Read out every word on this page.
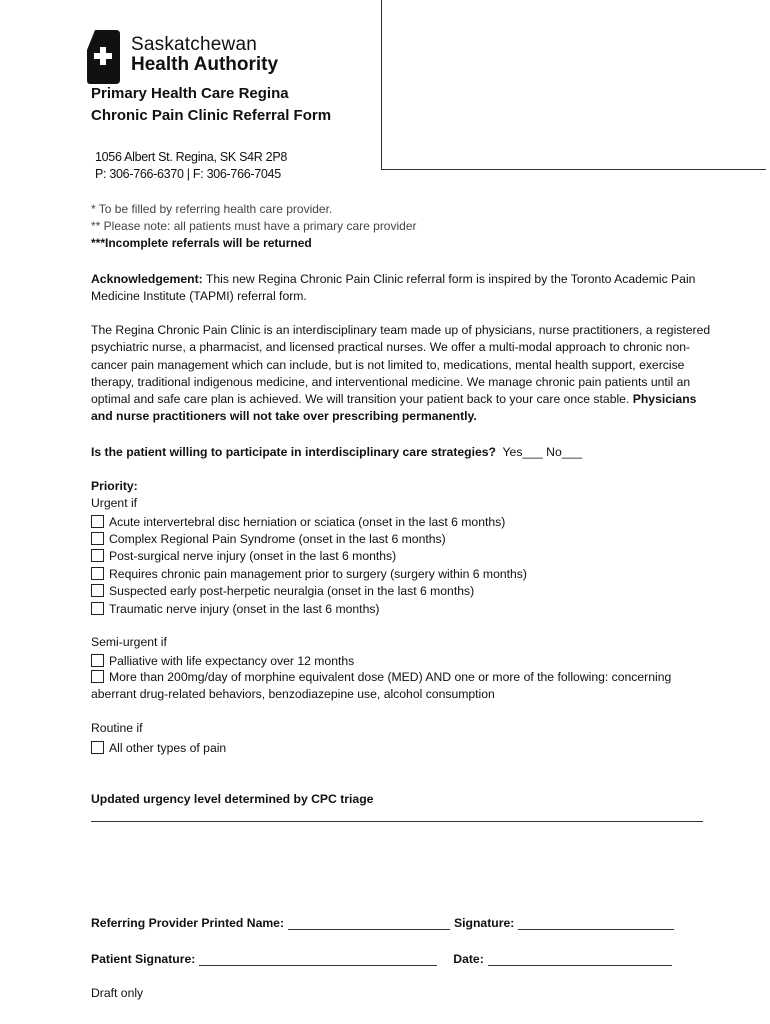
Saskatchewan
Health Authority
Primary Health Care Regina
Chronic Pain Clinic Referral Form
1056 Albert St. Regina, SK S4R 2P8
P: 306-766-6370 | F: 306-766-7045
* To be filled by referring health care provider.
** Please note: all patients must have a primary care provider
***Incomplete referrals will be returned
Acknowledgement: This new Regina Chronic Pain Clinic referral form is inspired by the Toronto Academic Pain Medicine Institute (TAPMI) referral form.
The Regina Chronic Pain Clinic is an interdisciplinary team made up of physicians, nurse practitioners, a registered psychiatric nurse, a pharmacist, and licensed practical nurses. We offer a multi-modal approach to chronic non-cancer pain management which can include, but is not limited to, medications, mental health support, exercise therapy, traditional indigenous medicine, and interventional medicine. We manage chronic pain patients until an optimal and safe care plan is achieved. We will transition your patient back to your care once stable. Physicians and nurse practitioners will not take over prescribing permanently.
Is the patient willing to participate in interdisciplinary care strategies?  Yes___ No___
Priority:
Urgent if
Acute intervertebral disc herniation or sciatica (onset in the last 6 months)
Complex Regional Pain Syndrome (onset in the last 6 months)
Post-surgical nerve injury (onset in the last 6 months)
Requires chronic pain management prior to surgery (surgery within 6 months)
Suspected early post-herpetic neuralgia (onset in the last 6 months)
Traumatic nerve injury (onset in the last 6 months)
Semi-urgent if
Palliative with life expectancy over 12 months
More than 200mg/day of morphine equivalent dose (MED) AND one or more of the following: concerning aberrant drug-related behaviors, benzodiazepine use, alcohol consumption
Routine if
All other types of pain
Updated urgency level determined by CPC triage
Referring Provider Printed Name:	Signature:
Patient Signature:	Date:
Draft only
